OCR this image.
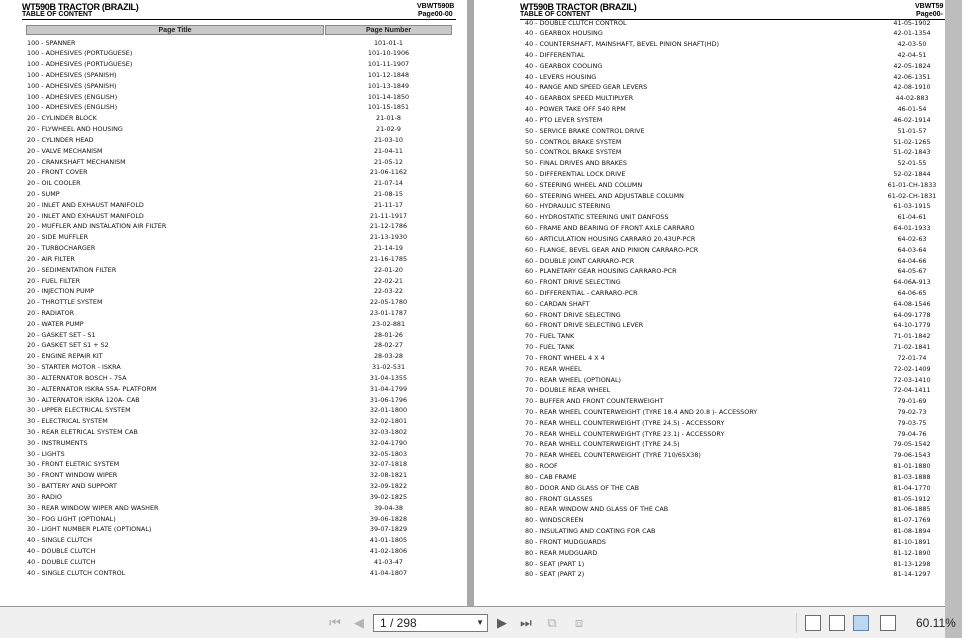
WT590B TRACTOR (BRAZIL)
TABLE OF CONTENT
VBWT590B
Page00-00
Page Title	Page Number
100 - SPANNER	101-01-1
100 - ADHESIVES (PORTUGUESE)	101-10-1906
100 - ADHESIVES (PORTUGUESE)	101-11-1907
100 - ADHESIVES (SPANISH)	101-12-1848
100 - ADHESIVES (SPANISH)	101-13-1849
100 - ADHESIVES (ENGLISH)	101-14-1850
100 - ADHESIVES (ENGLISH)	101-15-1851
20 - CYLINDER BLOCK	21-01-8
20 - FLYWHEEL AND HOUSING	21-02-9
20 - CYLINDER HEAD	21-03-10
20 - VALVE MECHANISM	21-04-11
20 - CRANKSHAFT MECHANISM	21-05-12
20 - FRONT COVER	21-06-1162
20 - OIL COOLER	21-07-14
20 - SUMP	21-08-15
20 - INLET AND EXHAUST MANIFOLD	21-11-17
20 - INLET AND EXHAUST MANIFOLD	21-11-1917
20 - MUFFLER AND INSTALATION AIR FILTER	21-12-1786
20 - SIDE MUFFLER	21-13-1930
20 - TURBOCHARGER	21-14-19
20 - AIR FILTER	21-16-1785
20 - SEDIMENTATION FILTER	22-01-20
20 - FUEL FILTER	22-02-21
20 - INJECTION PUMP	22-03-22
20 - THROTTLE SYSTEM	22-05-1780
20 - RADIATOR	23-01-1787
20 - WATER PUMP	23-02-881
20 - GASKET SET - S1	28-01-26
20 - GASKET SET S1 + S2	28-02-27
20 - ENGINE REPAIR KIT	28-03-28
30 - STARTER MOTOR - ISKRA	31-02-531
30 - ALTERNATOR BOSCH - 75A	31-04-1355
30 - ALTERNATOR ISKRA 55A- PLATFORM	31-04-1799
30 - ALTERNATOR ISKRA 120A- CAB	31-06-1796
30 - UPPER ELECTRICAL SYSTEM	32-01-1800
30 - ELECTRICAL SYSTEM	32-02-1801
30 - REAR ELETRICAL SYSTEM CAB	32-03-1802
30 - INSTRUMENTS	32-04-1790
30 - LIGHTS	32-05-1803
30 - FRONT ELETRIC SYSTEM	32-07-1818
30 - FRONT WINDOW WIPER	32-08-1821
30 - BATTERY AND SUPPORT	32-09-1822
30 - RADIO	39-02-1825
30 - REAR WINDOW WIPER AND WASHER	39-04-38
30 - FOG LIGHT (OPTIONAL)	39-06-1828
30 - LIGHT NUMBER PLATE (OPTIONAL)	39-07-1829
40 - SINGLE CLUTCH	41-01-1805
40 - DOUBLE CLUTCH	41-02-1806
40 - DOUBLE CLUTCH	41-03-47
40 - SINGLE CLUTCH CONTROL	41-04-1807
WT590B TRACTOR (BRAZIL)
TABLE OF CONTENT
VBWT59
Page00-
40 - DOUBLE CLUTCH CONTROL	41-05-1902
40 - GEARBOX HOUSING	42-01-1354
40 - COUNTERSHAFT, MAINSHAFT, BEVEL PINION SHAFT(HD)	42-03-50
40 - DIFFERENTIAL	42-04-51
40 - GEARBOX COOLING	42-05-1824
40 - LEVERS HOUSING	42-06-1351
40 - RANGE AND SPEED GEAR LEVERS	42-08-1910
40 - GEARBOX SPEED MULTIPLYER	44-02-883
40 - POWER TAKE OFF 540 RPM	46-01-54
40 - PTO LEVER SYSTEM	46-02-1914
50 - SERVICE BRAKE CONTROL DRIVE	51-01-57
50 - CONTROL BRAKE SYSTEM	51-02-1265
50 - CONTROL BRAKE SYSTEM	51-02-1843
50 - FINAL DRIVES AND BRAKES	52-01-55
50 - DIFFERENTIAL LOCK DRIVE	52-02-1844
60 - STEERING WHEEL AND COLUMN	61-01-CH-1833
60 - STEERING WHEEL AND ADJUSTABLE COLUMN	61-02-CH-1831
60 - HYDRAULIC STEERING	61-03-1915
60 - HYDROSTATIC STEERING UNIT DANFOSS	61-04-61
60 - FRAME AND BEARING OF FRONT AXLE CARRARO	64-01-1933
60 - ARTICULATION HOUSING CARRARO 20.43UP-PCR	64-02-63
60 - FLANGE, BEVEL GEAR AND PINION CARRARO-PCR	64-03-64
60 - DOUBLE JOINT CARRARO-PCR	64-04-66
60 - PLANETARY GEAR HOUSING CARRARO-PCR	64-05-67
60 - FRONT DRIVE SELECTING	64-06A-913
60 - DIFFERENTIAL - CARRARO-PCR	64-06-65
60 - CARDAN SHAFT	64-08-1546
60 - FRONT DRIVE SELECTING	64-09-1778
60 - FRONT DRIVE SELECTING LEVER	64-10-1779
70 - FUEL TANK	71-01-1842
70 - FUEL TANK	71-02-1841
70 - FRONT WHEEL 4 X 4	72-01-74
70 - REAR WHEEL	72-02-1409
70 - REAR WHEEL (OPTIONAL)	72-03-1410
70 - DOUBLE REAR WHEEL	72-04-1411
70 - BUFFER AND FRONT COUNTERWEIGHT	79-01-69
70 - REAR WHEEL COUNTERWEIGHT (TYRE 18.4 AND 20.8 )- ACCESSORY	79-02-73
70 - REAR WHELL COUNTERWEIGHT (TYRE 24.5) - ACCESSORY	79-03-75
70 - REAR WHELL COUNTERWEIGHT (TYRE 23.1) - ACCESSORY	79-04-76
70 - REAR WHELL COUNTERWEIGHT (TYRE 24.5)	79-05-1542
70 - REAR WHEEL COUNTERWEIGHT (TYRE 710/65X38)	79-06-1543
80 - ROOF	81-01-1880
80 - CAB FRAME	81-03-1888
80 - DOOR AND GLASS OF THE CAB	81-04-1770
80 - FRONT GLASSES	81-05-1912
80 - REAR WINDOW AND GLASS OF THE CAB	81-06-1885
80 - WINDSCREEN	81-07-1769
80 - INSULATING AND COATING FOR CAB	81-08-1894
80 - FRONT MUDGUARDS	81-10-1891
80 - REAR MUDGUARD	81-12-1890
80 - SEAT (PART 1)	81-13-1298
80 - SEAT (PART 2)	81-14-1297
⏮ ◀	1 / 298	▼ ▶ ⏭ ⧉ ⧈	60.11%
